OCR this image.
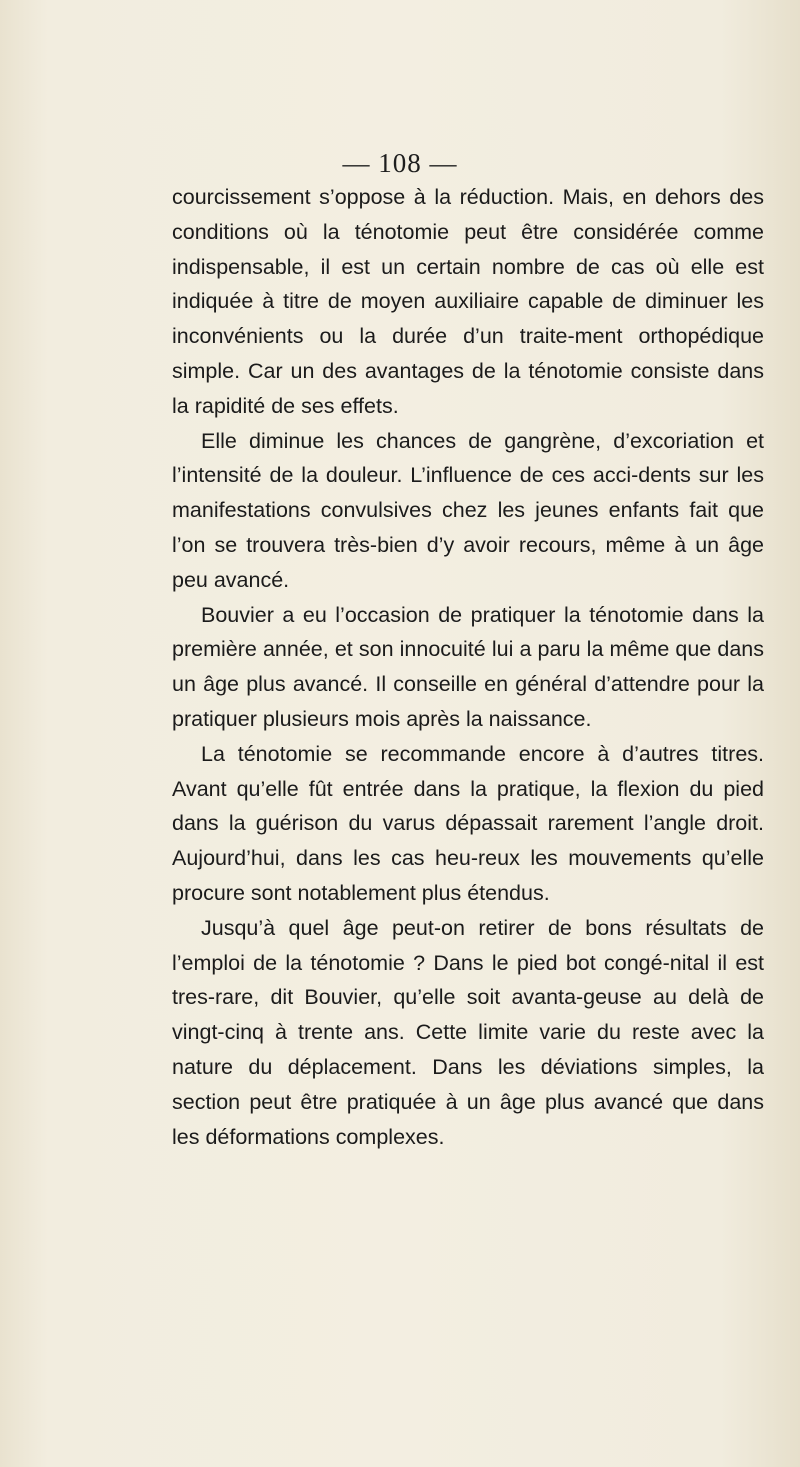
— 108 —

courcissement s’oppose à la réduction. Mais, en dehors des conditions où la ténotomie peut être considérée comme indispensable, il est un certain nombre de cas où elle est indiquée à titre de moyen auxiliaire capable de diminuer les inconvénients ou la durée d’un traite-ment orthopédique simple. Car un des avantages de la ténotomie consiste dans la rapidité de ses effets.

Elle diminue les chances de gangrène, d’excoriation et l’intensité de la douleur. L’influence de ces acci-dents sur les manifestations convulsives chez les jeunes enfants fait que l’on se trouvera très-bien d’y avoir recours, même à un âge peu avancé.

Bouvier a eu l’occasion de pratiquer la ténotomie dans la première année, et son innocuité lui a paru la même que dans un âge plus avancé. Il conseille en général d’attendre pour la pratiquer plusieurs mois après la naissance.

La ténotomie se recommande encore à d’autres titres. Avant qu’elle fût entrée dans la pratique, la flexion du pied dans la guérison du varus dépassait rarement l’angle droit. Aujourd’hui, dans les cas heu-reux les mouvements qu’elle procure sont notablement plus étendus.

Jusqu’à quel âge peut-on retirer de bons résultats de l’emploi de la ténotomie ? Dans le pied bot congé-nital il est tres-rare, dit Bouvier, qu’elle soit avanta-geuse au delà de vingt-cinq à trente ans. Cette limite varie du reste avec la nature du déplacement. Dans les déviations simples, la section peut être pratiquée à un âge plus avancé que dans les déformations complexes.
